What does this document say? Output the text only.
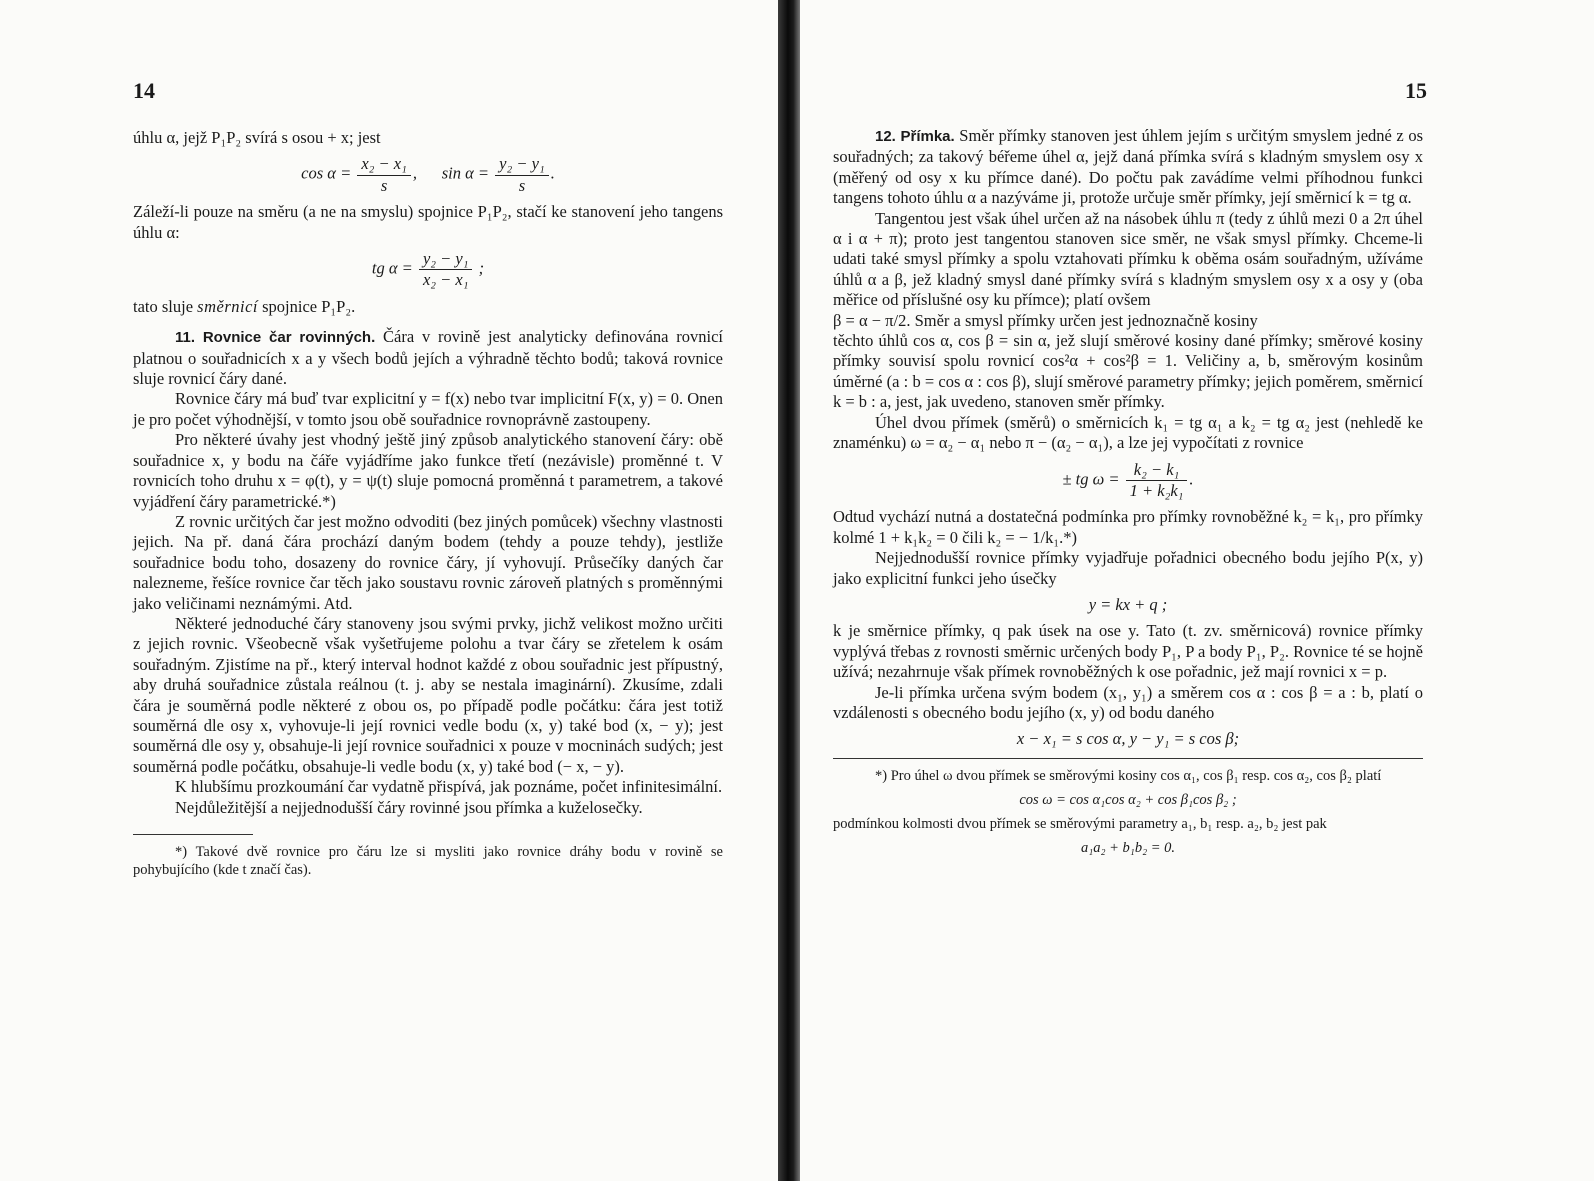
14

úhlu α, jejž P₁P₂ svírá s osou + x; jest

$\cos \alpha = \frac{\text{x₂ − x₁}}{s}$ ,      $\sin \alpha = \frac{\text{y₂ − y₁}}{s}$ .

Záleží-li pouze na směru (a ne na smyslu) spojnice P₁P₂, stačí ke stanovení jeho tangens úhlu α:

tg $\alpha = \frac{\text{y₂ − y₁}}{\text{x₂ − x₁}}$ ;

tato sluje směrnicí spojnice P₁P₂.

11. Rovnice čar rovinných. Čára v rovině jest analyticky definována rovnicí platnou o souřadnicích x a y všech bodů jejích a výhradně těchto bodů; taková rovnice sluje rovnicí čáry dané.

Rovnice čáry má buď tvar explicitní y = f(x) nebo tvar implicitní F(x, y) = 0. Onen je pro počet výhodnější, v tomto jsou obě souřadnice rovnoprávně zastoupeny.

Pro některé úvahy jest vhodný ještě jiný způsob analytického stanovení čáry: obě souřadnice x, y bodu na čáře vyjádříme jako funkce třetí (nezávisle) proměnné t. V rovnicích toho druhu x = φ(t), y = ψ(t) sluje pomocná proměnná t parametrem, a takové vyjádření čáry parametrické.*)

Z rovnic určitých čar jest možno odvoditi (bez jiných pomůcek) všechny vlastnosti jejich. Na př. daná čára prochází daným bodem (tehdy a pouze tehdy), jestliže souřadnice bodu toho, dosazeny do rovnice čáry, jí vyhovují. Průsečíky daných čar nalezneme, řešíce rovnice čar těch jako soustavu rovnic zároveň platných s proměnnými jako veličinami neznámými. Atd.

Některé jednoduché čáry stanoveny jsou svými prvky, jichž velikost možno určiti z jejich rovnic. Všeobecně však vyšetřujeme polohu a tvar čáry se zřetelem k osám souřadným. Zjistíme na př., který interval hodnot každé z obou souřadnic jest přípustný, aby druhá souřadnice zůstala reálnou (t. j. aby se nestala imaginární). Zkusíme, zdali čára je souměrná podle některé z obou os, po případě podle počátku: čára jest totiž souměrná dle osy x, vyhovuje-li její rovnici vedle bodu (x, y) také bod (x, − y); jest souměrná dle osy y, obsahuje-li její rovnice souřadnici x pouze v mocninách sudých; jest souměrná podle počátku, obsahuje-li vedle bodu (x, y) také bod (− x, − y).

K hlubšímu prozkoumání čar vydatně přispívá, jak poznáme, počet infinitesimální.

Nejdůležitější a nejjednodušší čáry rovinné jsou přímka a kuželosečky.

*) Takové dvě rovnice pro čáru lze si mysliti jako rovnice dráhy bodu v rovině se pohybujícího (kde t značí čas).

15

12. Přímka. Směr přímky stanoven jest úhlem jejím s určitým smyslem jedné z os souřadných; za takový béřeme úhel α, jejž daná přímka svírá s kladným smyslem osy x (měřený od osy x ku přímce dané). Do počtu pak zavádíme velmi příhodnou funkci tangens tohoto úhlu α a nazýváme ji, protože určuje směr přímky, její směrnicí k = tg α.

Tangentou jest však úhel určen až na násobek úhlu π (tedy z úhlů mezi 0 a 2π úhel α i α + π); proto jest tangentou stanoven sice směr, ne však smysl přímky. Chceme-li udati také smysl přímky a spolu vztahovati přímku k oběma osám souřadným, užíváme úhlů α a β, jež kladný smysl dané přímky svírá s kladným smyslem osy x a osy y (oba měřice od příslušné osy ku přímce); platí ovšem

β = α − π/2. Směr a smysl přímky určen jest jednoznačně kosiny

těchto úhlů cos α, cos β = sin α, jež slují směrové kosiny dané přímky; směrové kosiny přímky souvisí spolu rovnicí cos²α + cos²β = 1. Veličiny a, b, směrovým kosinům úměrné (a : b = cos α : cos β), slují směrové parametry přímky; jejich poměrem, směrnicí k = b : a, jest, jak uvedeno, stanoven směr přímky.

Úhel dvou přímek (směrů) o směrnicích k₁ = tg α₁ a k₂ = tg α₂ jest (nehledě ke znaménku) ω = α₂ − α₁ nebo π − (α₂ − α₁), a lze jej vypočítati z rovnice

± tg $\omega = \frac{\text{k₂ − k₁}}{\text{1 + k₂k₁}}$ .

Odtud vychází nutná a dostatečná podmínka pro přímky rovnoběžné k₂ = k₁, pro přímky kolmé 1 + k₁k₂ = 0 čili k₂ = − 1/k₁.*)

Nejjednodušší rovnice přímky vyjadřuje pořadnici obecného bodu jejího P(x, y) jako explicitní funkci jeho úsečky

y = kx + q ;

k je směrnice přímky, q pak úsek na ose y. Tato (t. zv. směrnicová) rovnice přímky vyplývá třebas z rovnosti směrnic určených body P₁, P a body P₁, P₂. Rovnice té se hojně užívá; nezahrnuje však přímek rovnoběžných k ose pořadnic, jež mají rovnici x = p.

Je-li přímka určena svým bodem (x₁, y₁) a směrem cos α : cos β = a : b, platí o vzdálenosti s obecného bodu jejího (x, y) od bodu daného

x − x₁ = s cos α, y − y₁ = s cos β;

*) Pro úhel ω dvou přímek se směrovými kosiny cos α₁, cos β₁ resp. cos α₂, cos β₂ platí

cos ω = cos α₁cos α₂ + cos β₁cos β₂ ;

podmínkou kolmosti dvou přímek se směrovými parametry a₁, b₁ resp. a₂, b₂ jest pak

a₁a₂ + b₁b₂ = 0.
